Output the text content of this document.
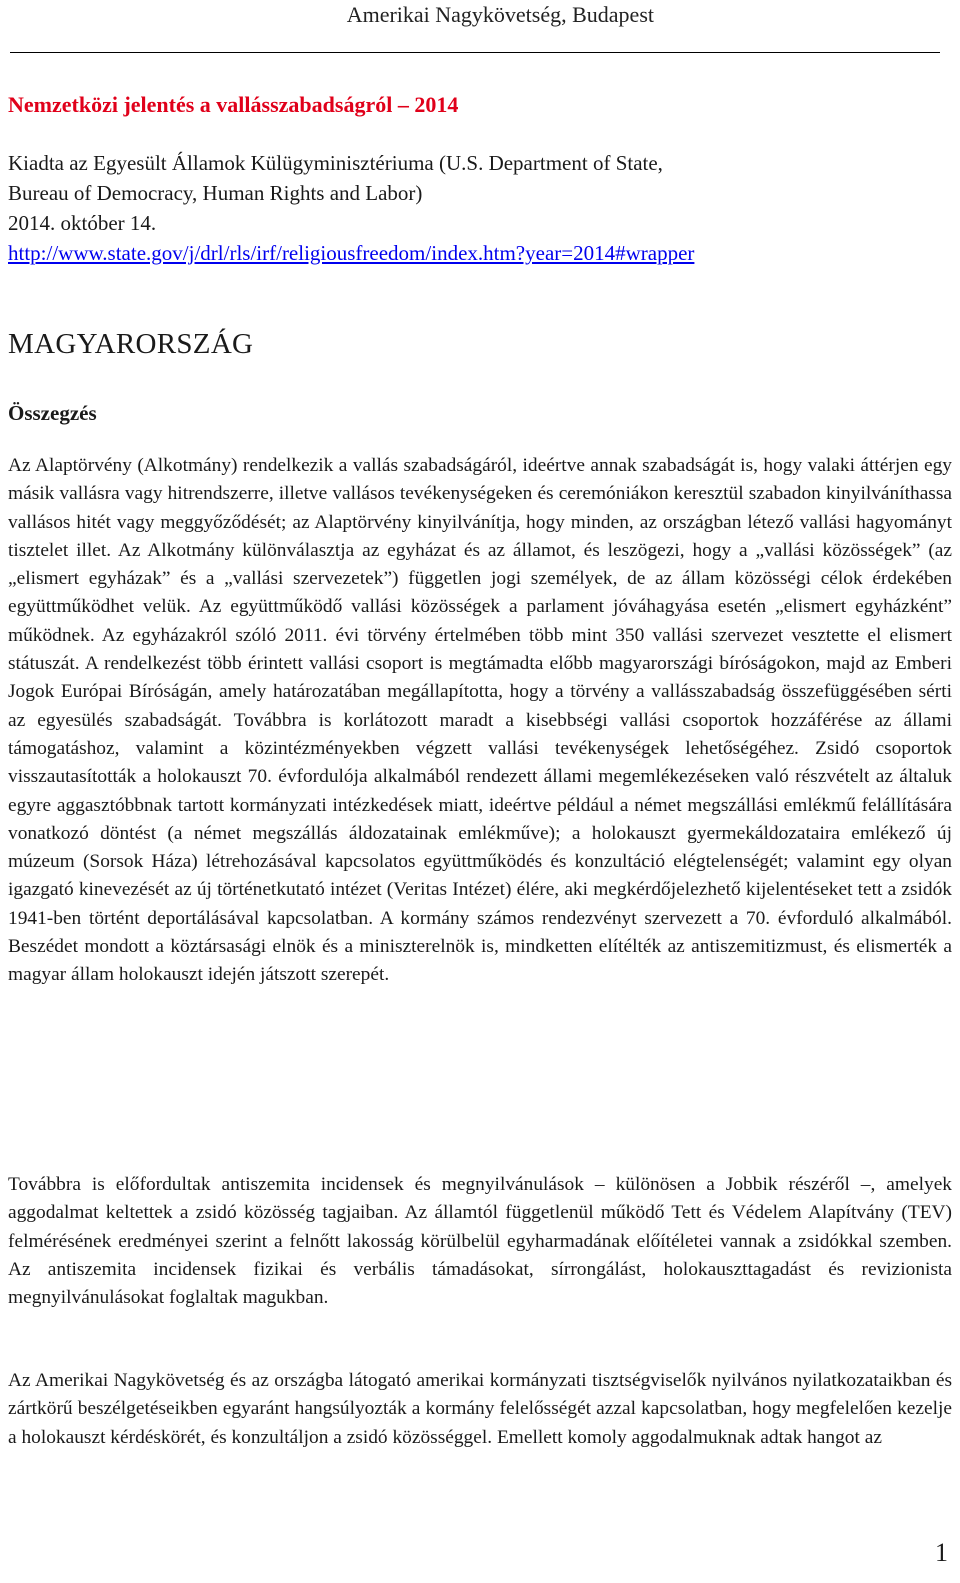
Amerikai Nagykövetség, Budapest
Nemzetközi jelentés a vallásszabadságról – 2014
Kiadta az Egyesült Államok Külügyminisztériuma (U.S. Department of State,
Bureau of Democracy, Human Rights and Labor)
2014. október 14.
http://www.state.gov/j/drl/rls/irf/religiousfreedom/index.htm?year=2014#wrapper
MAGYARORSZÁG
Összegzés

Az Alaptörvény (Alkotmány) rendelkezik a vallás szabadságáról, ideértve annak szabadságát is, hogy valaki áttérjen egy másik vallásra vagy hitrendszerre, illetve vallásos tevékenységeken és ceremóniákon keresztül szabadon kinyilváníthassa vallásos hitét vagy meggyőződését; az Alaptörvény kinyilvánítja, hogy minden, az országban létező vallási hagyományt tisztelet illet. Az Alkotmány különválasztja az egyházat és az államot, és leszögezi, hogy a „vallási közösségek” (az „elismert egyházak” és a „vallási szervezetek”) független jogi személyek, de az állam közösségi célok érdekében együttműködhet velük. Az együttműködő vallási közösségek a parlament jóváhagyása esetén „elismert egyházként” működnek. Az egyházakról szóló 2011. évi törvény értelmében több mint 350 vallási szervezet vesztette el elismert státuszát. A rendelkezést több érintett vallási csoport is megtámadta előbb magyarországi bíróságokon, majd az Emberi Jogok Európai Bíróságán, amely határozatában megállapította, hogy a törvény a vallásszabadság összefüggésében sérti az egyesülés szabadságát. Továbbra is korlátozott maradt a kisebbségi vallási csoportok hozzáférése az állami támogatáshoz, valamint a közintézményekben végzett vallási tevékenységek lehetőségéhez. Zsidó csoportok visszautasították a holokauszt 70. évfordulója alkalmából rendezett állami megemlékezéseken való részvételt az általuk egyre aggasztóbbnak tartott kormányzati intézkedések miatt, ideértve például a német megszállási emlékmű felállítására vonatkozó döntést (a német megszállás áldozatainak emlékműve); a holokauszt gyermekáldozataira emlékező új múzeum (Sorsok Háza) létrehozásával kapcsolatos együttműködés és konzultáció elégtelenségét; valamint egy olyan igazgató kinevezését az új történetkutató intézet (Veritas Intézet) élére, aki megkérdőjelezhető kijelentéseket tett a zsidók 1941-ben történt deportálásával kapcsolatban. A kormány számos rendezvényt szervezett a 70. évforduló alkalmából. Beszédet mondott a köztársasági elnök és a miniszterelnök is, mindketten elítélték az antiszemitizmust, és elismerték a magyar állam holokauszt idején játszott szerepét.

Továbbra is előfordultak antiszemita incidensek és megnyilvánulások – különösen a Jobbik részéről –, amelyek aggodalmat keltettek a zsidó közösség tagjaiban. Az államtól függetlenül működő Tett és Védelem Alapítvány (TEV) felmérésének eredményei szerint a felnőtt lakosság körülbelül egyharmadának előítéletei vannak a zsidókkal szemben. Az antiszemita incidensek fizikai és verbális támadásokat, sírrongálást, holokauszttagadást és revizionista megnyilvánulásokat foglaltak magukban.

Az Amerikai Nagykövetség és az országba látogató amerikai kormányzati tisztségviselők nyilvános nyilatkozataikban és zártkörű beszélgetéseikben egyaránt hangsúlyozták a kormány felelősségét azzal kapcsolatban, hogy megfelelően kezelje a holokauszt kérdéskörét, és konzultáljon a zsidó közösséggel. Emellett komoly aggodalmuknak adtak hangot az

1
